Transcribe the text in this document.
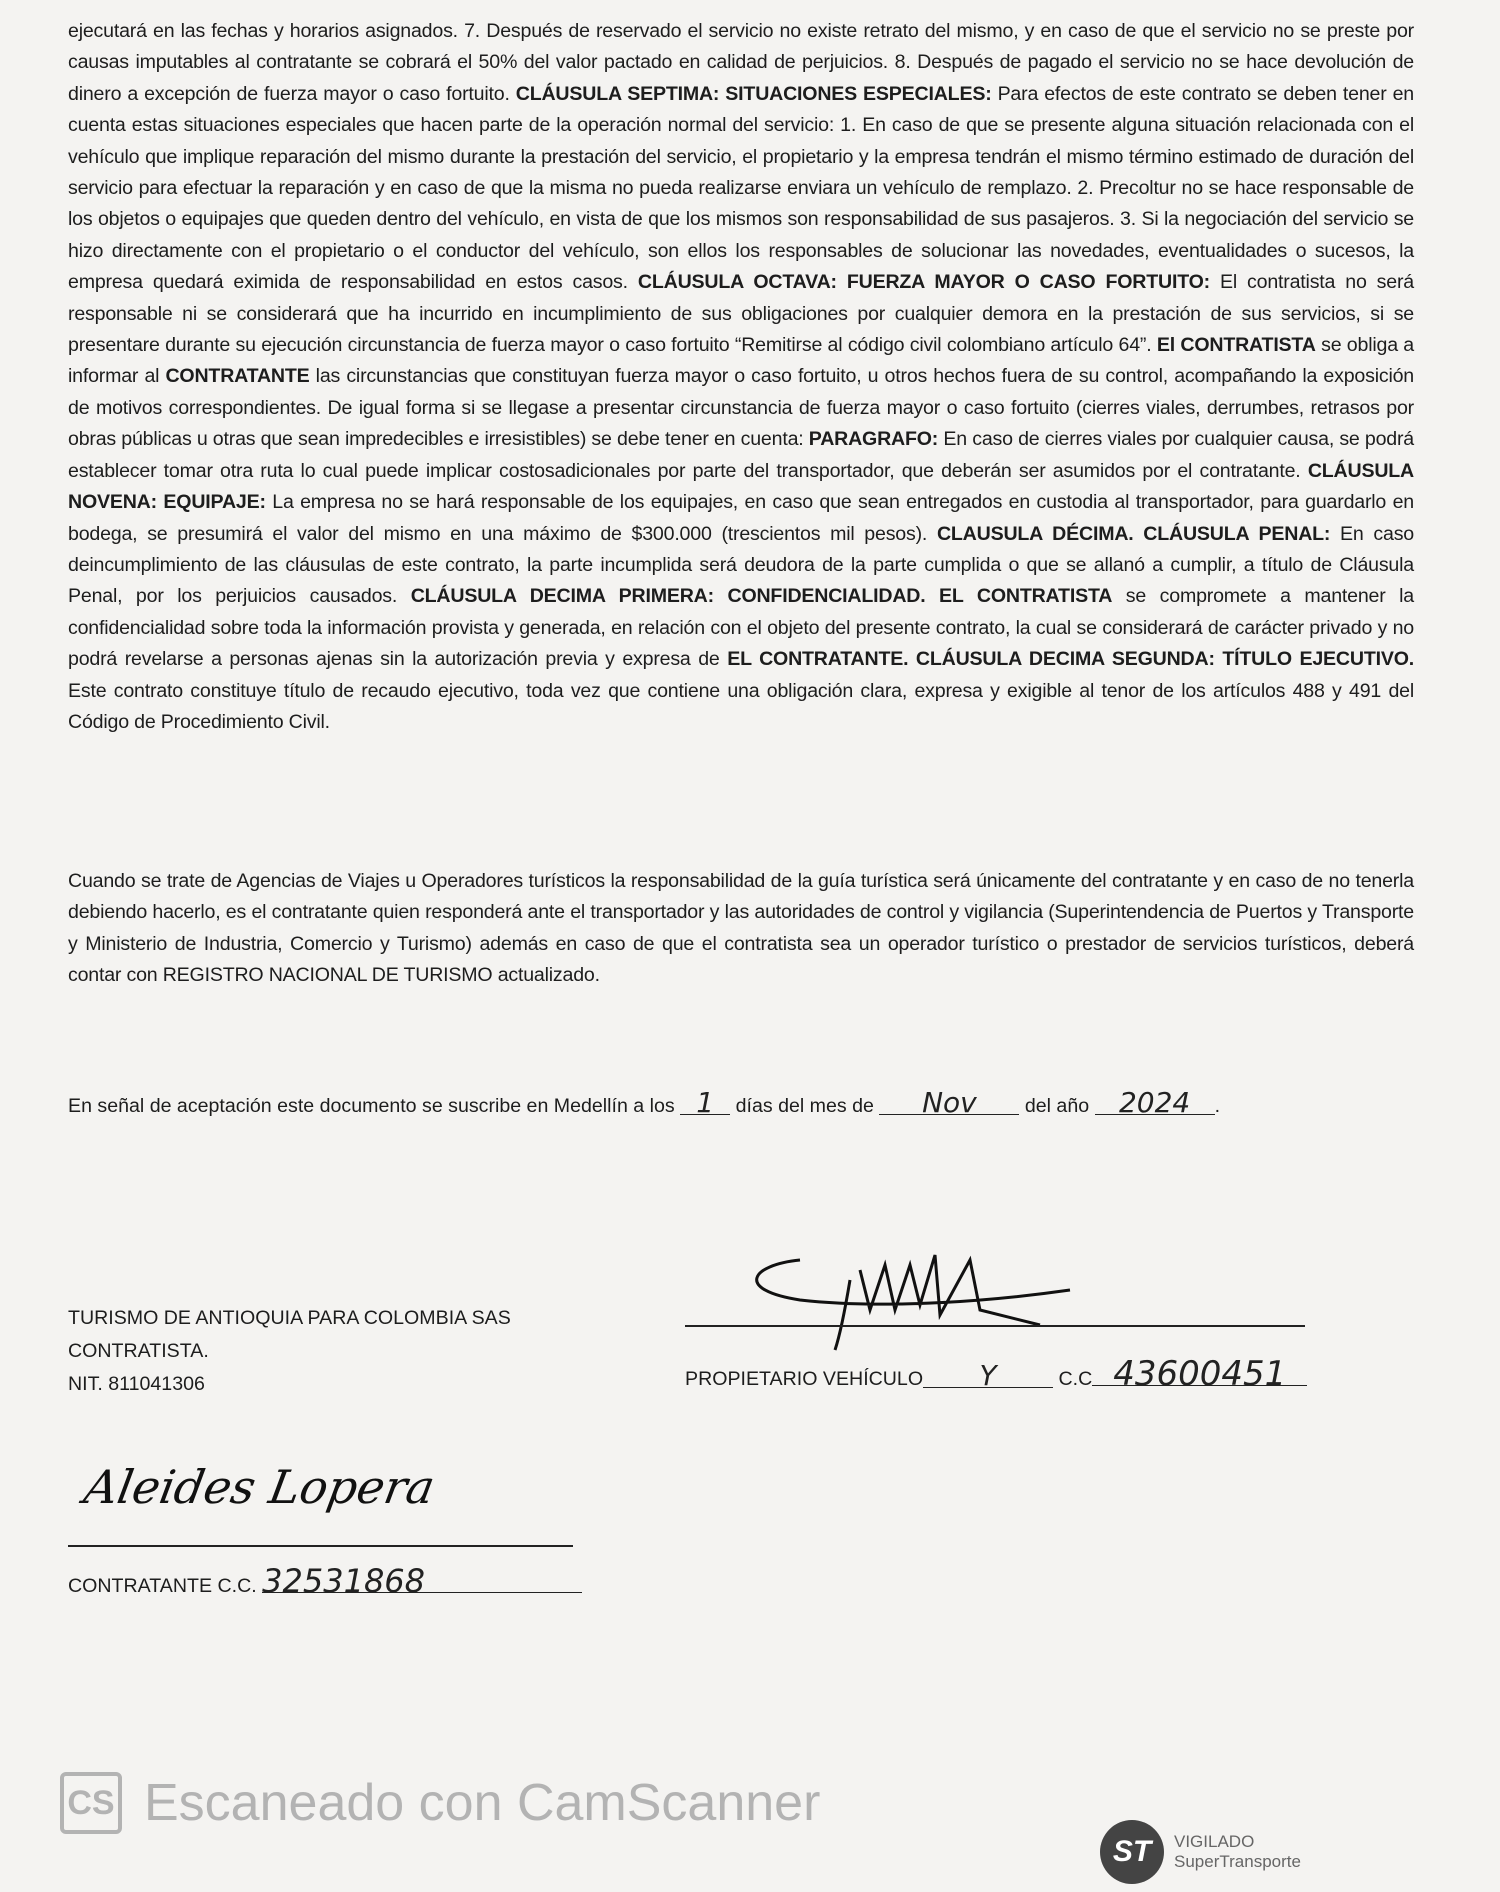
ejecutará en las fechas y horarios asignados. 7. Después de reservado el servicio no existe retrato del mismo, y en caso de que el servicio no se preste por causas imputables al contratante se cobrará el 50% del valor pactado en calidad de perjuicios. 8. Después de pagado el servicio no se hace devolución de dinero a excepción de fuerza mayor o caso fortuito. CLÁUSULA SEPTIMA: SITUACIONES ESPECIALES: Para efectos de este contrato se deben tener en cuenta estas situaciones especiales que hacen parte de la operación normal del servicio: 1. En caso de que se presente alguna situación relacionada con el vehículo que implique reparación del mismo durante la prestación del servicio, el propietario y la empresa tendrán el mismo término estimado de duración del servicio para efectuar la reparación y en caso de que la misma no pueda realizarse enviara un vehículo de remplazo. 2. Precoltur no se hace responsable de los objetos o equipajes que queden dentro del vehículo, en vista de que los mismos son responsabilidad de sus pasajeros. 3. Si la negociación del servicio se hizo directamente con el propietario o el conductor del vehículo, son ellos los responsables de solucionar las novedades, eventualidades o sucesos, la empresa quedará eximida de responsabilidad en estos casos. CLÁUSULA OCTAVA: FUERZA MAYOR O CASO FORTUITO: El contratista no será responsable ni se considerará que ha incurrido en incumplimiento de sus obligaciones por cualquier demora en la prestación de sus servicios, si se presentare durante su ejecución circunstancia de fuerza mayor o caso fortuito “Remitirse al código civil colombiano artículo 64”. El CONTRATISTA se obliga a informar al CONTRATANTE las circunstancias que constituyan fuerza mayor o caso fortuito, u otros hechos fuera de su control, acompañando la exposición de motivos correspondientes. De igual forma si se llegase a presentar circunstancia de fuerza mayor o caso fortuito (cierres viales, derrumbes, retrasos por obras públicas u otras que sean impredecibles e irresistibles) se debe tener en cuenta: PARAGRAFO: En caso de cierres viales por cualquier causa, se podrá establecer tomar otra ruta lo cual puede implicar costosadicionales por parte del transportador, que deberán ser asumidos por el contratante. CLÁUSULA NOVENA: EQUIPAJE: La empresa no se hará responsable de los equipajes, en caso que sean entregados en custodia al transportador, para guardarlo en bodega, se presumirá el valor del mismo en una máximo de $300.000 (trescientos mil pesos). CLAUSULA DÉCIMA. CLÁUSULA PENAL: En caso deincumplimiento de las cláusulas de este contrato, la parte incumplida será deudora de la parte cumplida o que se allanó a cumplir, a título de Cláusula Penal, por los perjuicios causados. CLÁUSULA DECIMA PRIMERA: CONFIDENCIALIDAD. EL CONTRATISTA se compromete a mantener la confidencialidad sobre toda la información provista y generada, en relación con el objeto del presente contrato, la cual se considerará de carácter privado y no podrá revelarse a personas ajenas sin la autorización previa y expresa de EL CONTRATANTE. CLÁUSULA DECIMA SEGUNDA: TÍTULO EJECUTIVO. Este contrato constituye título de recaudo ejecutivo, toda vez que contiene una obligación clara, expresa y exigible al tenor de los artículos 488 y 491 del Código de Procedimiento Civil.
Cuando se trate de Agencias de Viajes u Operadores turísticos la responsabilidad de la guía turística será únicamente del contratante y en caso de no tenerla debiendo hacerlo, es el contratante quien responderá ante el transportador y las autoridades de control y vigilancia (Superintendencia de Puertos y Transporte y Ministerio de Industria, Comercio y Turismo) además en caso de que el contratista sea un operador turístico o prestador de servicios turísticos, deberá contar con REGISTRO NACIONAL DE TURISMO actualizado.
En señal de aceptación este documento se suscribe en Medellín a los 1 días del mes de Nov del año 2024 .
TURISMO DE ANTIOQUIA PARA COLOMBIA SAS
CONTRATISTA.
NIT. 811041306	PROPIETARIO VEHÍCULO Y	C.C 43600451
Aleides Lopera
CONTRATANTE C.C. 32531868
CS Escaneado con CamScanner
ST	VIGILADO
SuperTransporte
